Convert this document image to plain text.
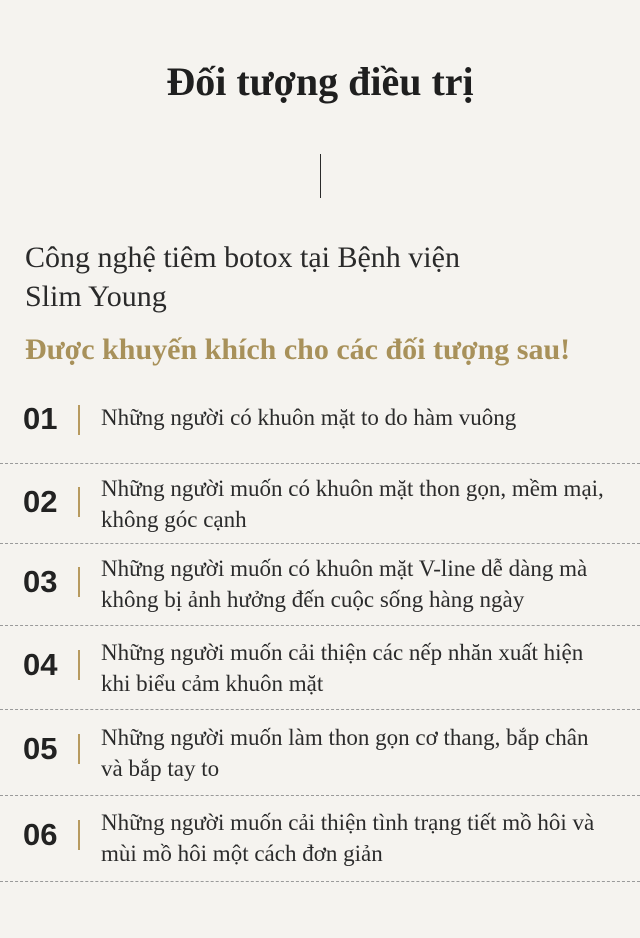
Đối tượng điều trị
Công nghệ tiêm botox tại Bệnh viện
Slim Young
Được khuyến khích cho các đối tượng sau!
01 Những người có khuôn mặt to do hàm vuông
02 Những người muốn có khuôn mặt thon gọn, mềm mại,
không góc cạnh
03 Những người muốn có khuôn mặt V-line dễ dàng mà
không bị ảnh hưởng đến cuộc sống hàng ngày
04 Những người muốn cải thiện các nếp nhăn xuất hiện
khi biểu cảm khuôn mặt
05 Những người muốn làm thon gọn cơ thang, bắp chân
và bắp tay to
06 Những người muốn cải thiện tình trạng tiết mồ hôi và
mùi mồ hôi một cách đơn giản
